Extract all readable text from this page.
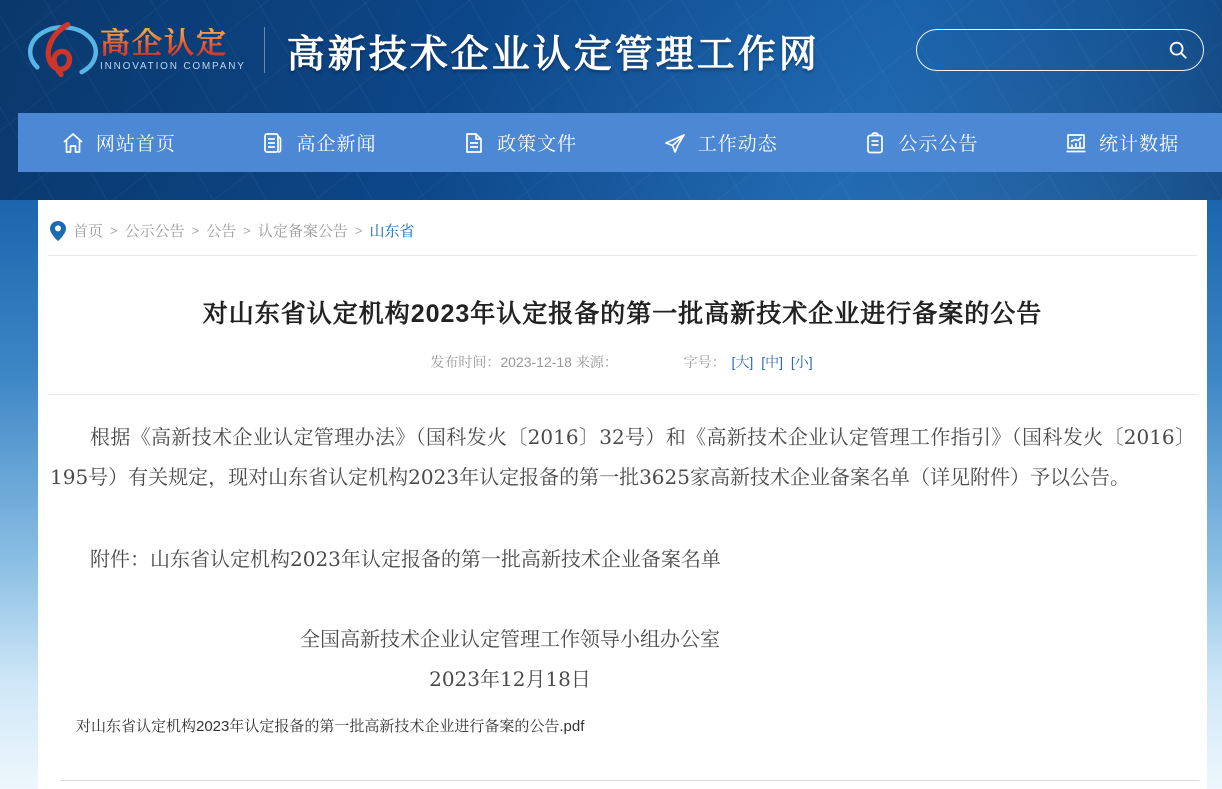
高企认定
INNOVATION COMPANY 高新技术企业认定管理工作网
网站首页	高企新闻	政策文件	工作动态	公示公告	统计数据
首页 > 公示公告 > 公告 > 认定备案公告 > 山东省
对山东省认定机构2023年认定报备的第一批高新技术企业进行备案的公告
发布时间：2023-12-18 来源：	字号： [大] [中] [小]

根据《高新技术企业认定管理办法》（国科发火〔2016〕32号）和《高新技术企业认定管理工作指引》（国科发火〔2016〕195号）有关规定，现对山东省认定机构2023年认定报备的第一批3625家高新技术企业备案名单（详见附件）予以公告。

附件：山东省认定机构2023年认定报备的第一批高新技术企业备案名单

全国高新技术企业认定管理工作领导小组办公室
2023年12月18日
对山东省认定机构2023年认定报备的第一批高新技术企业进行备案的公告.pdf
